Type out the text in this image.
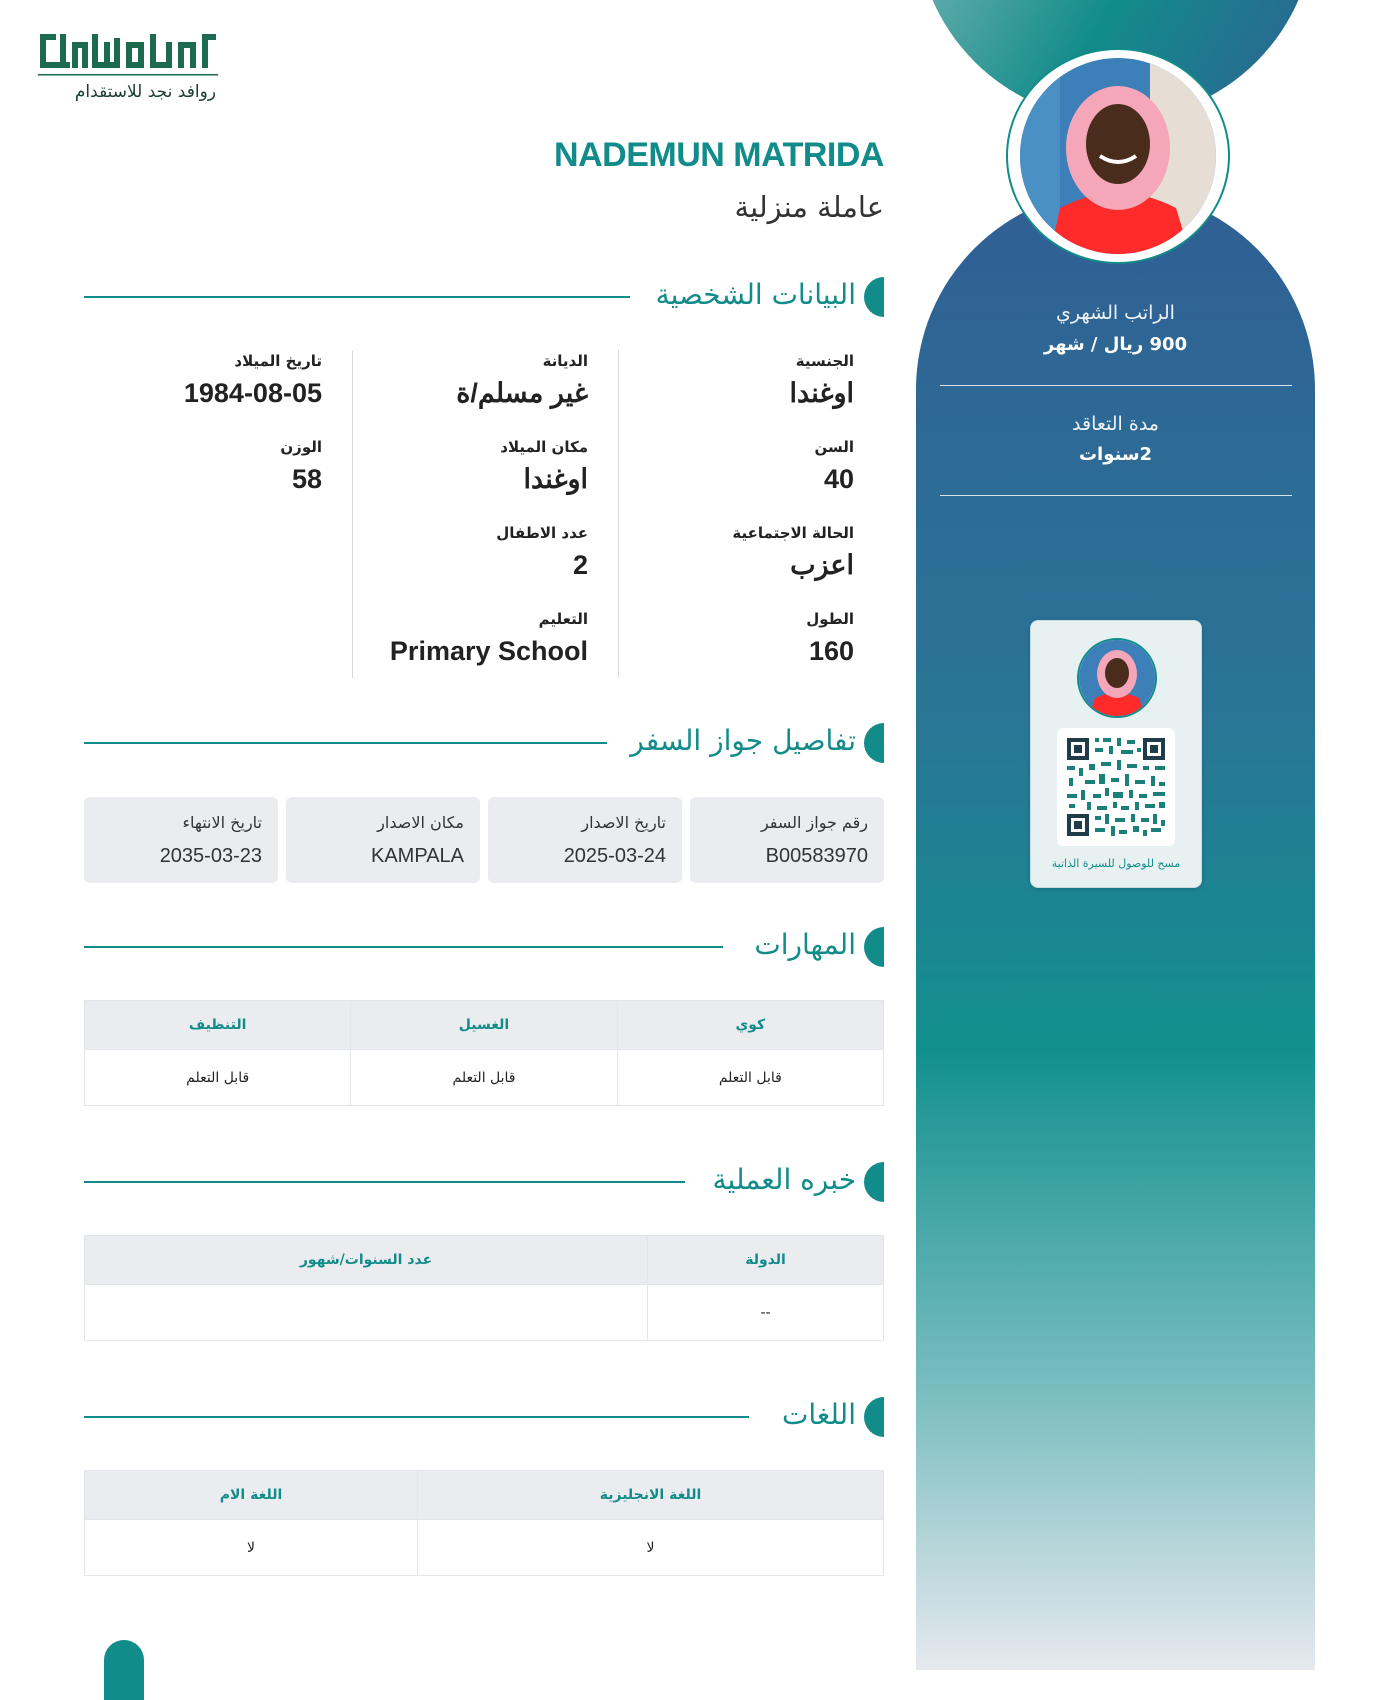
روافد نجد للاستقدام
الراتب الشهري
900 ريال / شهر
مدة التعاقد
2سنوات
مسح للوصول للسيرة الذاتية
NADEMUN MATRIDA
عاملة منزلية
البيانات الشخصية
الجنسية
اوغندا
الديانة
غير مسلم/ة
تاريخ الميلاد
1984-08-05
السن
40
مكان الميلاد
اوغندا
الوزن
58
الحالة الاجتماعية
اعزب
عدد الاطفال
2
الطول
160
التعليم
Primary School
تفاصيل جواز السفر
رقم جواز السفر
B00583970
تاريخ الاصدار
2025-03-24
مكان الاصدار
KAMPALA
تاريخ الانتهاء
2035-03-23
المهارات
كوي	الغسيل	التنظيف
قابل التعلم	قابل التعلم	قابل التعلم
خبره العملية
الدولة	عدد السنوات/شهور
--	
اللغات
اللغة الانجليزية	اللغة الام
لا	لا
